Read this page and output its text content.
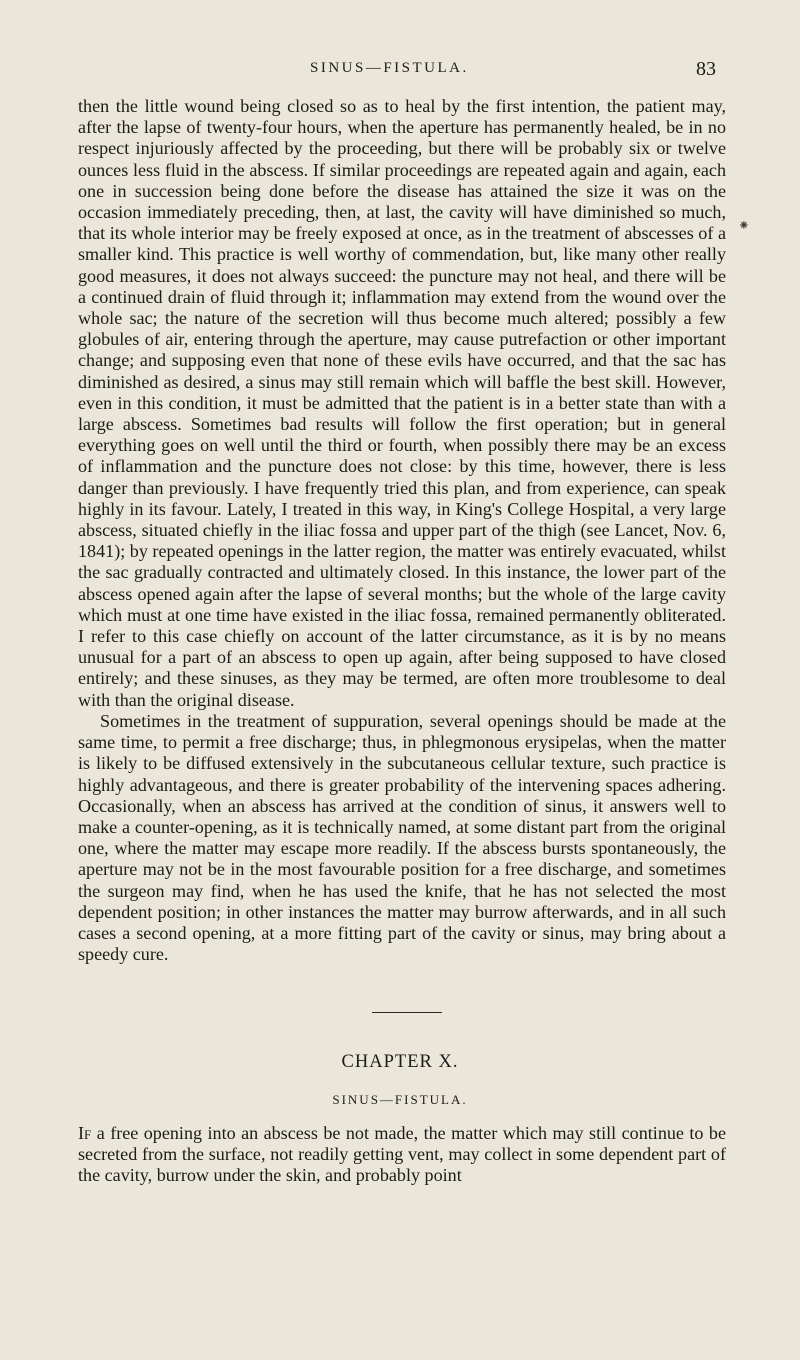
SINUS—FISTULA.	83
⁕

then the little wound being closed so as to heal by the first intention, the patient may, after the lapse of twenty-four hours, when the aperture has permanently healed, be in no respect injuriously affected by the proceeding, but there will be probably six or twelve ounces less fluid in the abscess. If similar proceedings are repeated again and again, each one in succession being done before the disease has attained the size it was on the occasion immediately preceding, then, at last, the cavity will have diminished so much, that its whole interior may be freely exposed at once, as in the treatment of abscesses of a smaller kind. This practice is well worthy of commendation, but, like many other really good measures, it does not always succeed: the puncture may not heal, and there will be a continued drain of fluid through it; inflammation may extend from the wound over the whole sac; the nature of the secretion will thus become much altered; possibly a few globules of air, entering through the aperture, may cause putrefaction or other important change; and supposing even that none of these evils have occurred, and that the sac has diminished as desired, a sinus may still remain which will baffle the best skill. However, even in this condition, it must be admitted that the patient is in a better state than with a large abscess. Sometimes bad results will follow the first operation; but in general everything goes on well until the third or fourth, when possibly there may be an excess of inflammation and the puncture does not close: by this time, however, there is less danger than previously. I have frequently tried this plan, and from experience, can speak highly in its favour. Lately, I treated in this way, in King's College Hospital, a very large abscess, situated chiefly in the iliac fossa and upper part of the thigh (see Lancet, Nov. 6, 1841); by repeated openings in the latter region, the matter was entirely evacuated, whilst the sac gradually contracted and ultimately closed. In this instance, the lower part of the abscess opened again after the lapse of several months; but the whole of the large cavity which must at one time have existed in the iliac fossa, remained permanently obliterated. I refer to this case chiefly on account of the latter circumstance, as it is by no means unusual for a part of an abscess to open up again, after being supposed to have closed entirely; and these sinuses, as they may be termed, are often more troublesome to deal with than the original disease.

Sometimes in the treatment of suppuration, several openings should be made at the same time, to permit a free discharge; thus, in phlegmonous erysipelas, when the matter is likely to be diffused extensively in the subcutaneous cellular texture, such practice is highly advantageous, and there is greater probability of the intervening spaces adhering. Occasionally, when an abscess has arrived at the condition of sinus, it answers well to make a counter-opening, as it is technically named, at some distant part from the original one, where the matter may escape more readily. If the abscess bursts spontaneously, the aperture may not be in the most favourable position for a free discharge, and sometimes the surgeon may find, when he has used the knife, that he has not selected the most dependent position; in other instances the matter may burrow afterwards, and in all such cases a second opening, at a more fitting part of the cavity or sinus, may bring about a speedy cure.

CHAPTER X.
SINUS—FISTULA.

If a free opening into an abscess be not made, the matter which may still continue to be secreted from the surface, not readily getting vent, may collect in some dependent part of the cavity, burrow under the skin, and probably point
